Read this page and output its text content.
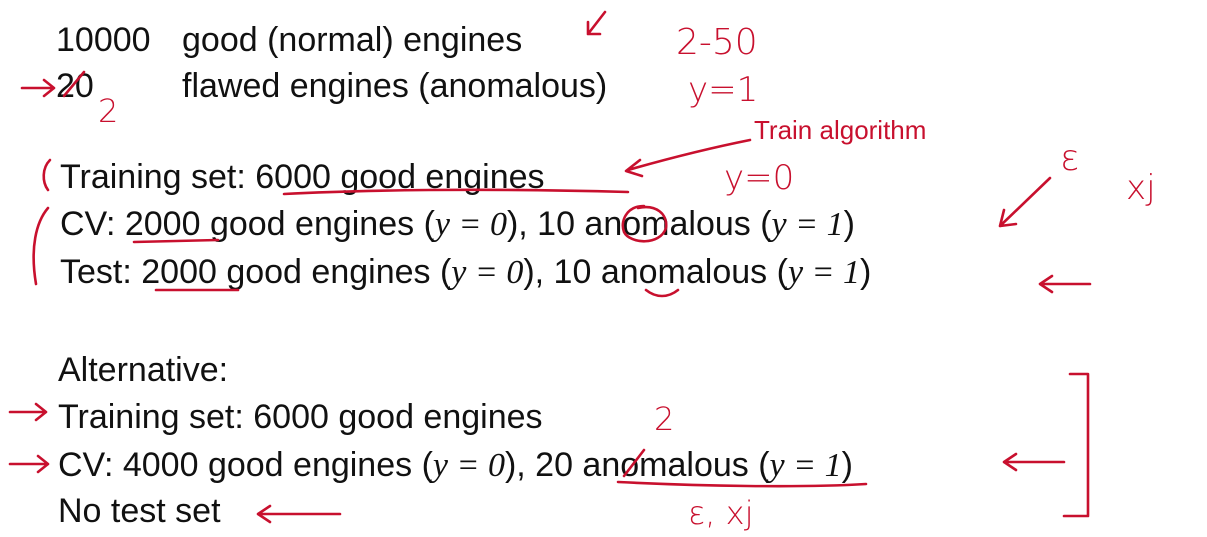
10000 good (normal) engines
20	flawed engines (anomalous)
Training set: 6000 good engines
CV: 2000 good engines (y = 0), 10 anomalous (y = 1)
Test: 2000 good engines (y = 0), 10 anomalous (y = 1)
Alternative:
Training set: 6000 good engines
CV: 4000 good engines (y = 0), 20 anomalous (y = 1)
No test set
2-50
y=1
2	Train algorithm
y=0	ε
xj
2
ε, xj
